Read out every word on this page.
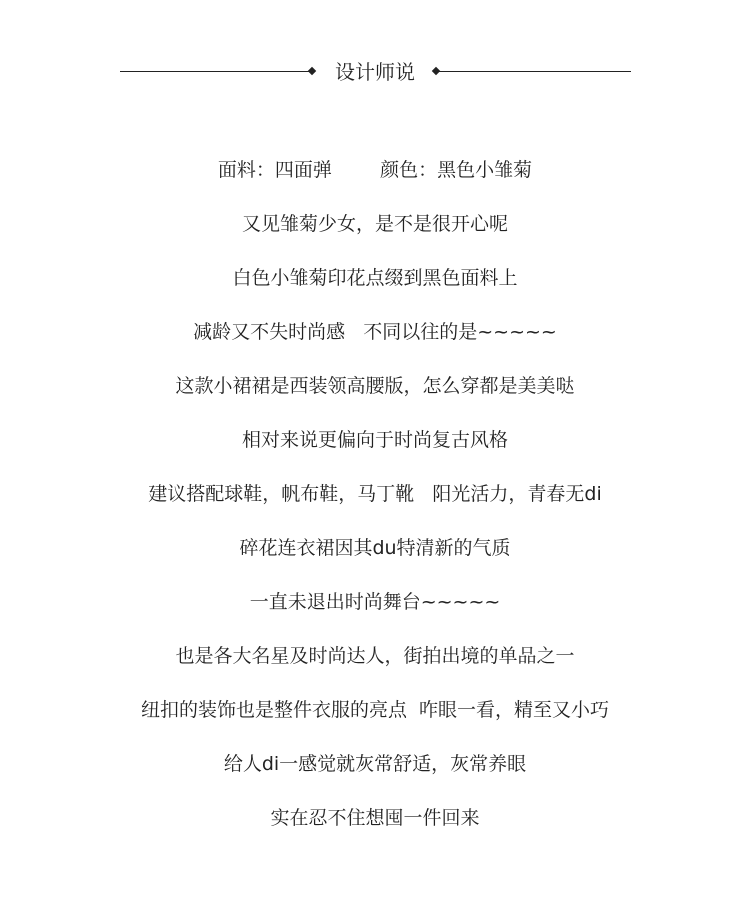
设计师说
面料：四面弹        颜色：黑色小雏菊
又见雏菊少女，是不是很开心呢
白色小雏菊印花点缀到黑色面料上
减龄又不失时尚感   不同以往的是~~~~~
这款小裙裙是西装领高腰版，怎么穿都是美美哒
相对来说更偏向于时尚复古风格
建议搭配球鞋，帆布鞋，马丁靴   阳光活力，青春无di
碎花连衣裙因其du特清新的气质
一直未退出时尚舞台~~~~~
也是各大名星及时尚达人，街拍出境的单品之一
纽扣的装饰也是整件衣服的亮点  咋眼一看，精至又小巧
给人di一感觉就灰常舒适，灰常养眼
实在忍不住想囤一件回来
